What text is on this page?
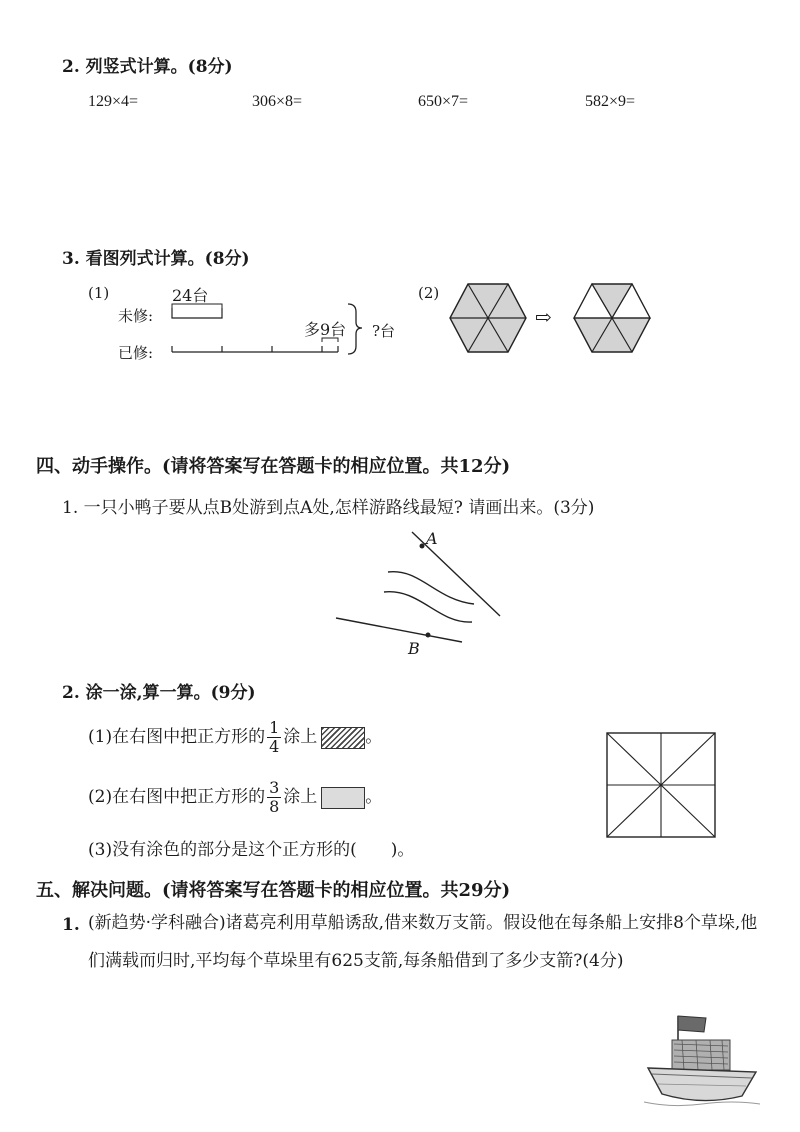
2. 列竖式计算。(8分)
129×4=	306×8=	650×7=	582×9=
3. 看图列式计算。(8分)
(1)	24台
未修:
已修:
多9台 ?台
(2)
⇨
四、动手操作。(请将答案写在答题卡的相应位置。共12分)
1. 一只小鸭子要从点B处游到点A处,怎样游路线最短? 请画出来。(3分)
A
B
2. 涂一涂,算一算。(9分)
(1)在右图中把正方形的 $\frac{1}{4}$ 涂上	。
(2)在右图中把正方形的 $\frac{3}{8}$ 涂上	。
(3)没有涂色的部分是这个正方形的(　　)。
五、解决问题。(请将答案写在答题卡的相应位置。共29分)
1. (新趋势·学科融合)诸葛亮利用草船诱敌,借来数万支箭。假设他在每条船上安排8个草垛,他们满载而归时,平均每个草垛里有625支箭,每条船借到了多少支箭?(4分)
